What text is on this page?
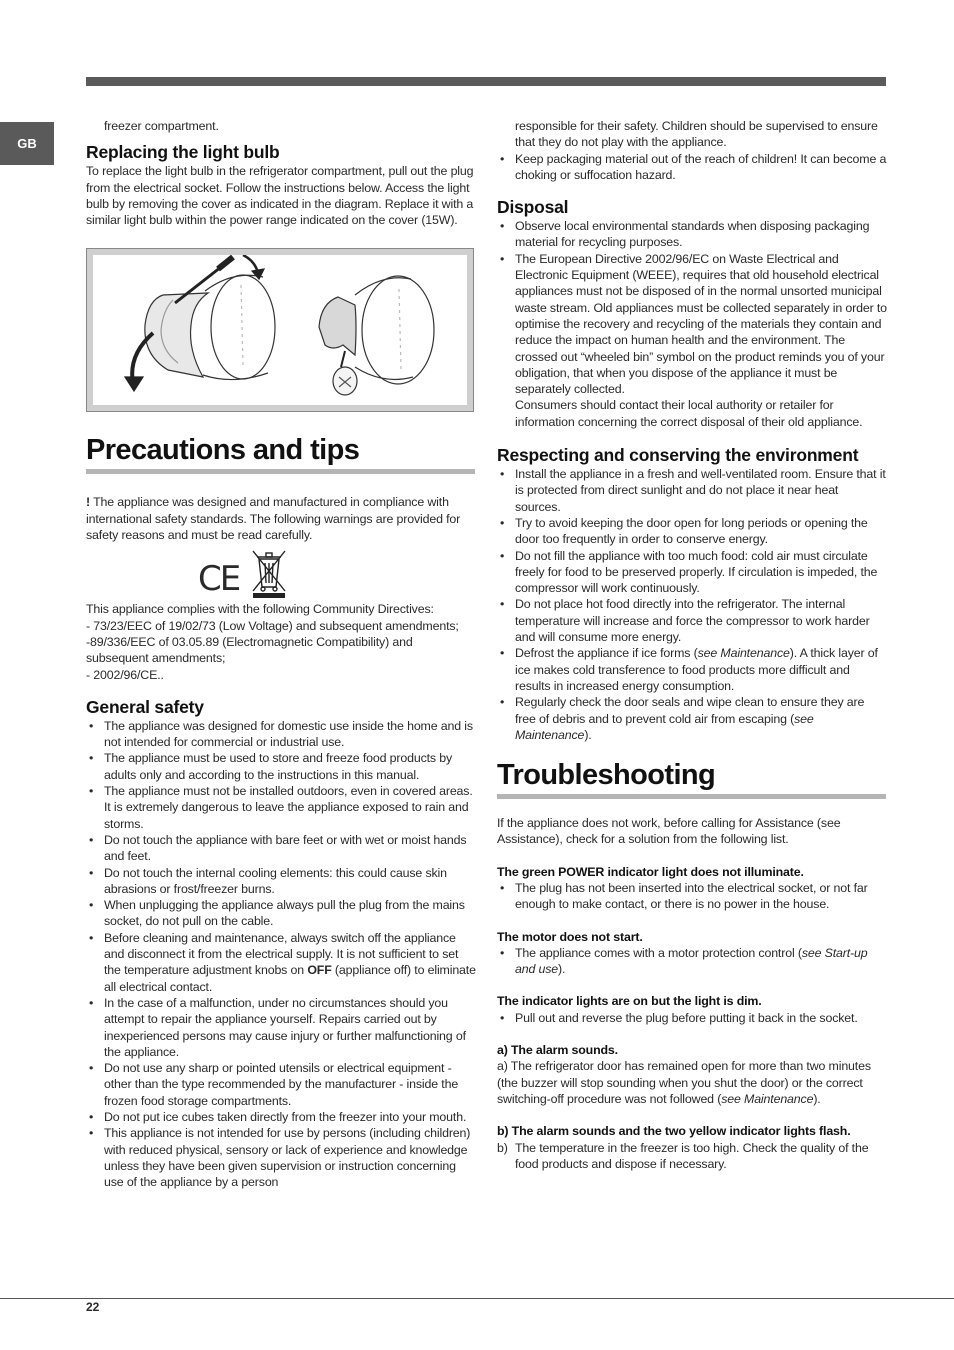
GB

freezer compartment.

Replacing the light bulb

To replace the light bulb in the refrigerator compartment, pull out the plug from the electrical socket. Follow the instructions below. Access the light bulb by removing the cover as indicated in the diagram. Replace it with a similar light bulb within the power range indicated on the cover (15W).

Precautions and tips

! The appliance was designed and manufactured in compliance with international safety standards. The following warnings are provided for safety reasons and must be read carefully.

CE

This appliance complies with the following Community Directives:

- 73/23/EEC of 19/02/73 (Low Voltage) and subsequent amendments;

-89/336/EEC of 03.05.89 (Electromagnetic Compatibility) and subsequent amendments;

- 2002/96/CE..

General safety
• The appliance was designed for domestic use inside the home and is not intended for commercial or industrial use.
• The appliance must be used to store and freeze food products by adults only and according to the instructions in this manual.
• The appliance must not be installed outdoors, even in covered areas. It is extremely dangerous to leave the appliance exposed to rain and storms.
• Do not touch the appliance with bare feet or with wet or moist hands and feet.
• Do not touch the internal cooling elements: this could cause skin abrasions or frost/freezer burns.
• When unplugging the appliance always pull the plug from the mains socket, do not pull on the cable.
• Before cleaning and maintenance, always switch off the appliance and disconnect it from the electrical supply. It is not sufficient to set the temperature adjustment knobs on OFF (appliance off) to eliminate all electrical contact.
• In the case of a malfunction, under no circumstances should you attempt to repair the appliance yourself. Repairs carried out by inexperienced persons may cause injury or further malfunctioning of the appliance.
• Do not use any sharp or pointed utensils or electrical equipment - other than the type recommended by the manufacturer - inside the frozen food storage compartments.
• Do not put ice cubes taken directly from the freezer into your mouth.
• This appliance is not intended for use by persons (including children) with reduced physical, sensory or lack of experience and knowledge unless they have been given supervision or instruction concerning use of the appliance by a person

responsible for their safety. Children should be supervised to ensure that they do not play with the appliance.

• Keep packaging material out of the reach of children! It can become a choking or suffocation hazard.
Disposal
• Observe local environmental standards when disposing packaging material for recycling purposes.
• The European Directive 2002/96/EC on Waste Electrical and Electronic Equipment (WEEE), requires that old household electrical appliances must not be disposed of in the normal unsorted municipal waste stream. Old appliances must be collected separately in order to optimise the recovery and recycling of the materials they contain and reduce the impact on human health and the environment. The crossed out “wheeled bin” symbol on the product reminds you of your obligation, that when you dispose of the appliance it must be separately collected.

Consumers should contact their local authority or retailer for information concerning the correct disposal of their old appliance.

Respecting and conserving the environment
• Install the appliance in a fresh and well-ventilated room. Ensure that it is protected from direct sunlight and do not place it near heat sources.
• Try to avoid keeping the door open for long periods or opening the door too frequently in order to conserve energy.
• Do not fill the appliance with too much food: cold air must circulate freely for food to be preserved properly. If circulation is impeded, the compressor will work continuously.
• Do not place hot food directly into the refrigerator. The internal temperature will increase and force the compressor to work harder and will consume more energy.
• Defrost the appliance if ice forms (see Maintenance). A thick layer of ice makes cold transference to food products more difficult and results in increased energy consumption.
• Regularly check the door seals and wipe clean to ensure they are free of debris and to prevent cold air from escaping (see Maintenance).
Troubleshooting

If the appliance does not work, before calling for Assistance (see Assistance), check for a solution from the following list.

The green POWER indicator light does not illuminate.

• The plug has not been inserted into the electrical socket, or not far enough to make contact, or there is no power in the house.

The motor does not start.

• The appliance comes with a motor protection control (see Start-up and use).

The indicator lights are on but the light is dim.

• Pull out and reverse the plug before putting it back in the socket.

a) The alarm sounds.

a) The refrigerator door has remained open for more than two minutes (the buzzer will stop sounding when you shut the door) or the correct switching-off procedure was not followed (see Maintenance).

b) The alarm sounds and the two yellow indicator lights flash.

b) The temperature in the freezer is too high. Check the quality of the food products and dispose if necessary.
22
